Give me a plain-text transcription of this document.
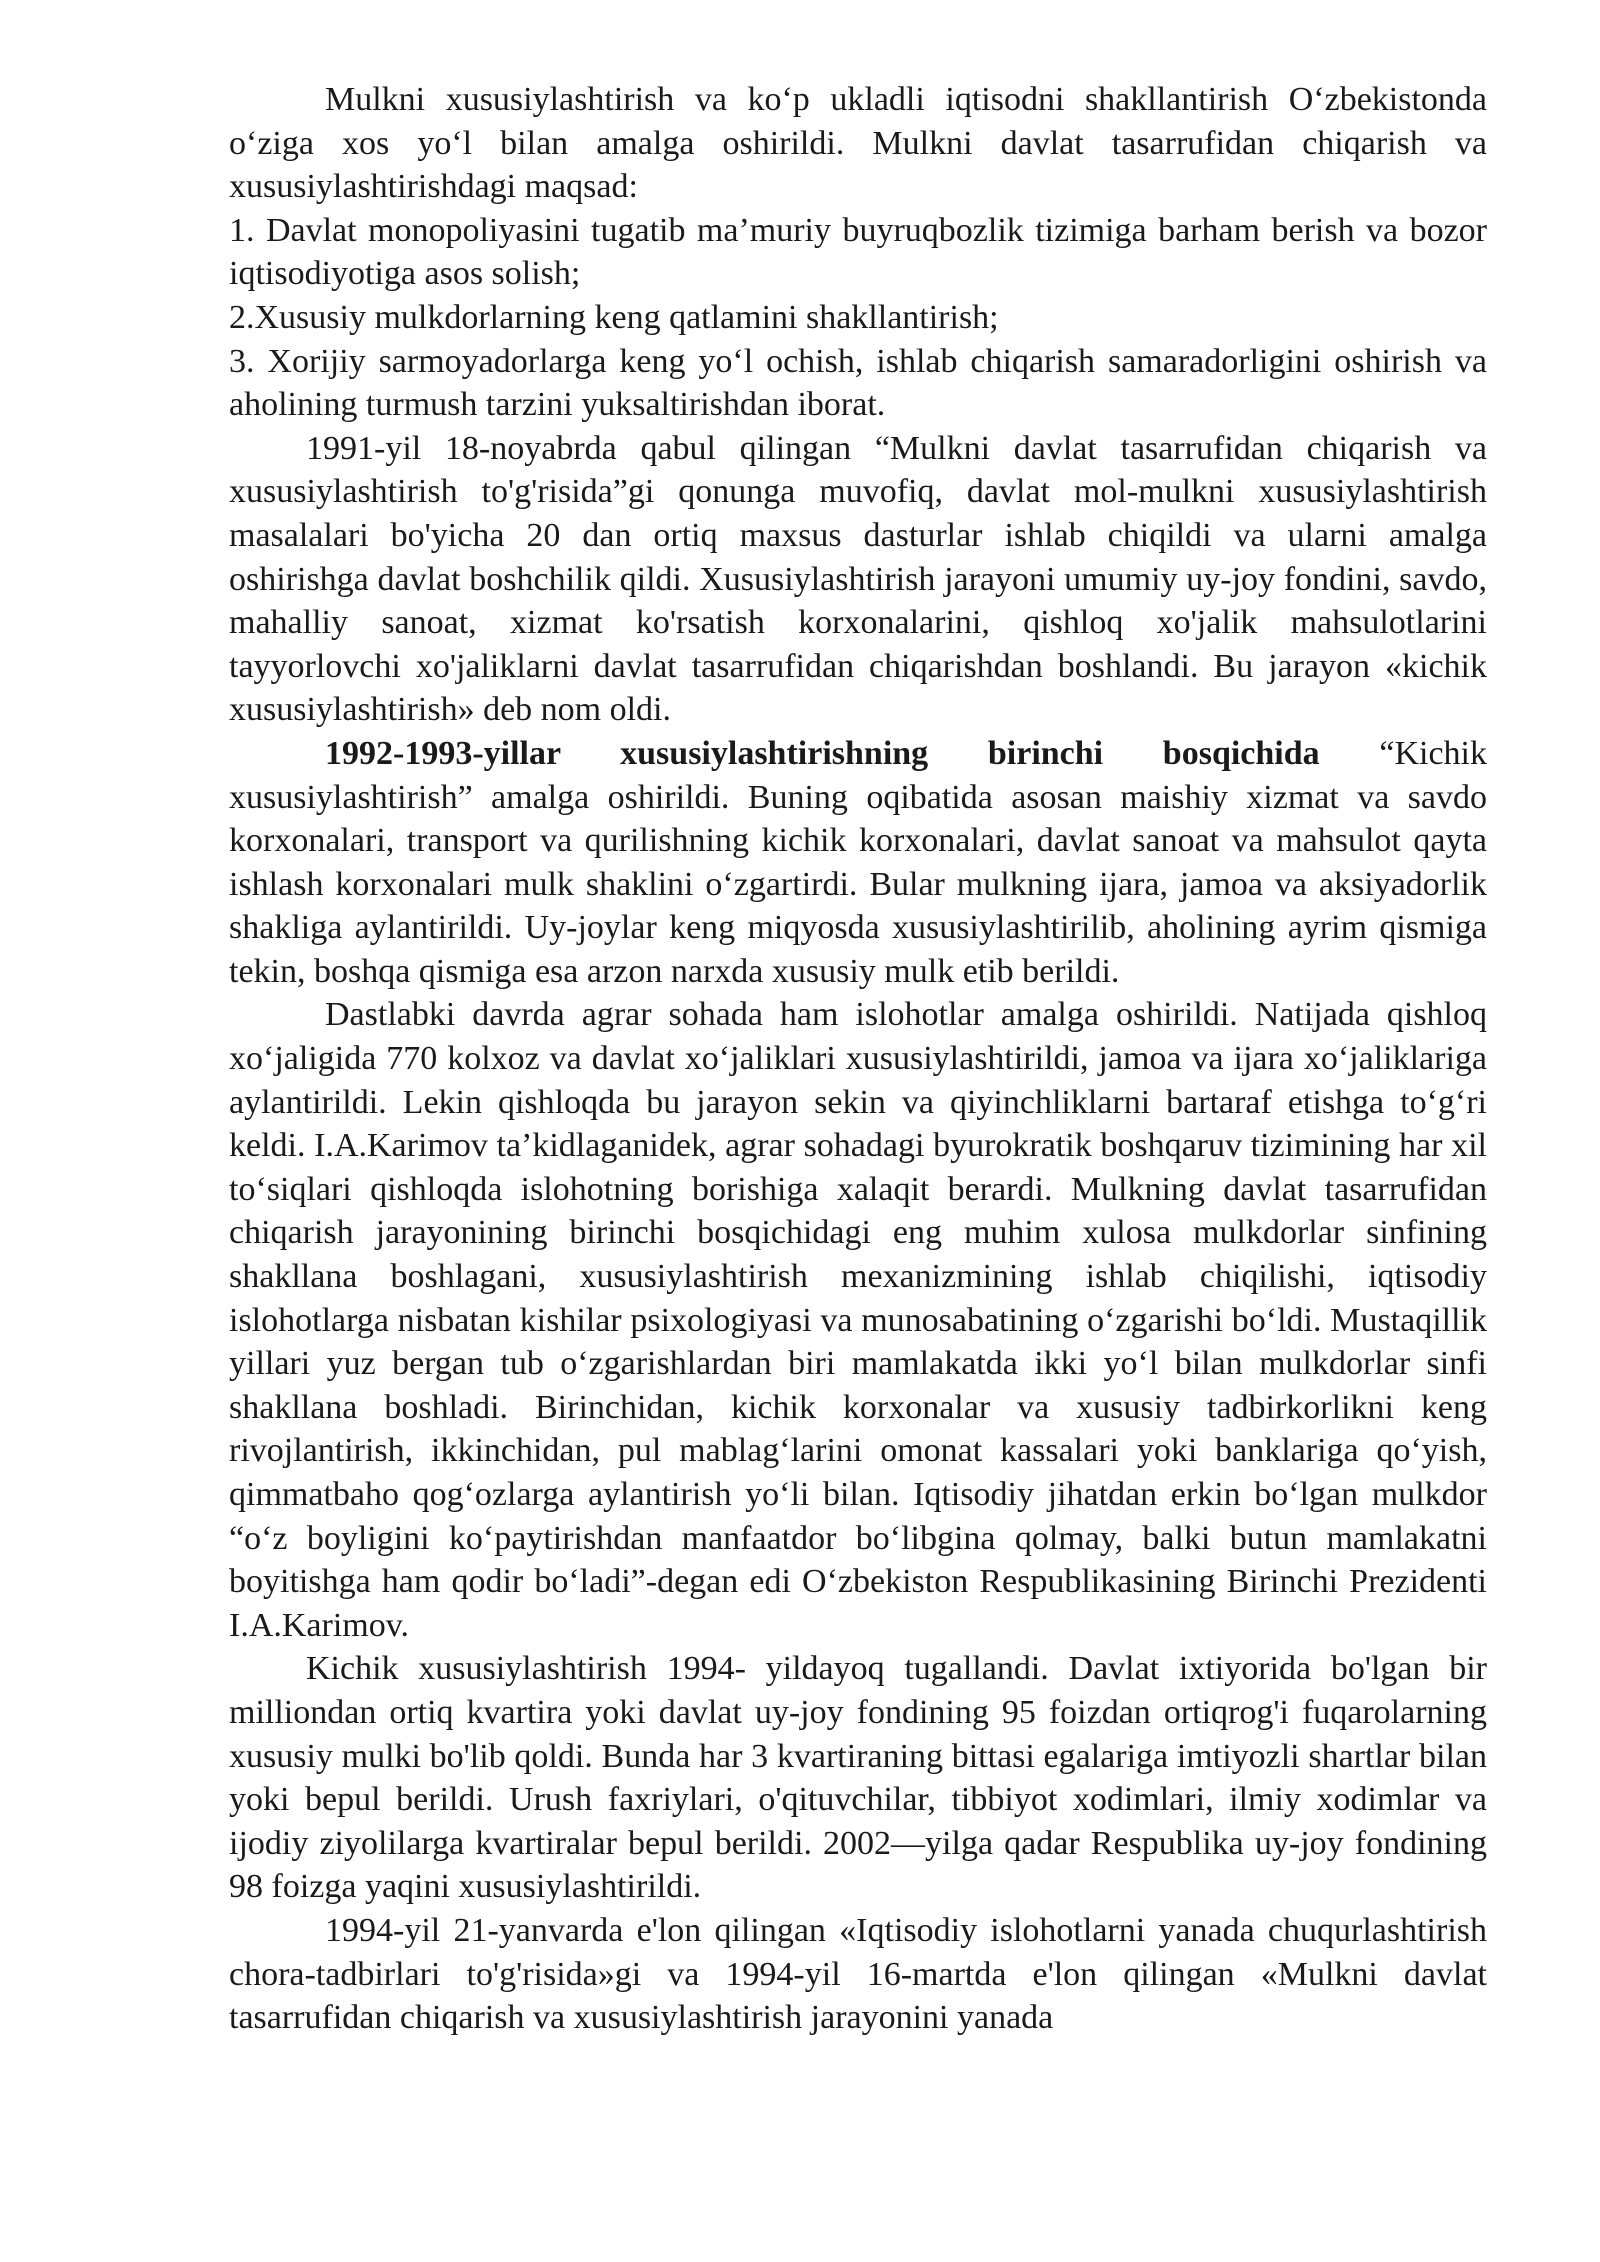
Mulkni xususiylashtirish va ko‘p ukladli iqtisodni shakllantirish O‘zbekistonda o‘ziga xos yo‘l bilan amalga oshirildi. Mulkni davlat tasarrufidan chiqarish va xususiylashtirishdagi maqsad:

1. Davlat monopoliyasini tugatib ma’muriy buyruqbozlik tizimiga barham berish va bozor iqtisodiyotiga asos solish;

2.Xususiy mulkdorlarning keng qatlamini shakllantirish;

3. Xorijiy sarmoyadorlarga keng yo‘l ochish, ishlab chiqarish samaradorligini oshirish va aholining turmush tarzini yuksaltirishdan iborat.

1991-yil 18-noyabrda qabul qilingan “Mulkni davlat tasarrufidan chiqarish va xususiylashtirish to'g'risida”gi qonunga muvofiq, davlat mol-mulkni xususiylashtirish masalalari bo'yicha 20 dan ortiq maxsus dasturlar ishlab chiqildi va ularni amalga oshirishga davlat boshchilik qildi. Xususiylashtirish jarayoni umumiy uy-joy fondini, savdo, mahalliy sanoat, xizmat ko'rsatish korxonalarini, qishloq xo'jalik mahsulotlarini tayyorlovchi xo'jaliklarni davlat tasarrufidan chiqarishdan boshlandi. Bu jarayon «kichik xususiylashtirish» deb nom oldi.

1992-1993-yillar xususiylashtirishning birinchi bosqichida “Kichik xususiylashtirish” amalga oshirildi. Buning oqibatida asosan maishiy xizmat va savdo korxonalari, transport va qurilishning kichik korxonalari, davlat sanoat va mahsulot qayta ishlash korxonalari mulk shaklini o‘zgartirdi. Bular mulkning ijara, jamoa va aksiyadorlik shakliga aylantirildi. Uy-joylar keng miqyosda xususiylashtirilib, aholining ayrim qismiga tekin, boshqa qismiga esa arzon narxda xususiy mulk etib berildi.

Dastlabki davrda agrar sohada ham islohotlar amalga oshirildi. Natijada qishloq xo‘jaligida 770 kolxoz va davlat xo‘jaliklari xususiylashtirildi, jamoa va ijara xo‘jaliklariga aylantirildi. Lekin qishloqda bu jarayon sekin va qiyinchliklarni bartaraf etishga to‘g‘ri keldi. I.A.Karimov ta’kidlaganidek, agrar sohadagi byurokratik boshqaruv tizimining har xil to‘siqlari qishloqda islohotning borishiga xalaqit berardi. Mulkning davlat tasarrufidan chiqarish jarayonining birinchi bosqichidagi eng muhim xulosa mulkdorlar sinfining shakllana boshlagani, xususiylashtirish mexanizmining ishlab chiqilishi, iqtisodiy islohotlarga nisbatan kishilar psixologiyasi va munosabatining o‘zgarishi bo‘ldi. Mustaqillik yillari yuz bergan tub o‘zgarishlardan biri mamlakatda ikki yo‘l bilan mulkdorlar sinfi shakllana boshladi. Birinchidan, kichik korxonalar va xususiy tadbirkorlikni keng rivojlantirish, ikkinchidan, pul mablag‘larini omonat kassalari yoki banklariga qo‘yish, qimmatbaho qog‘ozlarga aylantirish yo‘li bilan. Iqtisodiy jihatdan erkin bo‘lgan mulkdor “o‘z boyligini ko‘paytirishdan manfaatdor bo‘libgina qolmay, balki butun mamlakatni boyitishga ham qodir bo‘ladi”-degan edi O‘zbekiston Respublikasining Birinchi Prezidenti I.A.Karimov.

Kichik xususiylashtirish 1994- yildayoq tugallandi. Davlat ixtiyorida bo'lgan bir milliondan ortiq kvartira yoki davlat uy-joy fondining 95 foizdan ortiqrog'i fuqarolarning xususiy mulki bo'lib qoldi. Bunda har 3 kvartiraning bittasi egalariga imtiyozli shartlar bilan yoki bepul berildi. Urush faxriylari, o'qituvchilar, tibbiyot xodimlari, ilmiy xodimlar va ijodiy ziyolilarga kvartiralar bepul berildi. 2002—yilga qadar Respublika uy-joy fondining 98 foizga yaqini xususiylashtirildi.

1994-yil 21-yanvarda e'lon qilingan «Iqtisodiy islohotlarni yanada chuqurlashtirish chora-tadbirlari to'g'risida»gi va 1994-yil 16-martda e'lon qilingan «Mulkni davlat tasarrufidan chiqarish va xususiylashtirish jarayonini yanada
